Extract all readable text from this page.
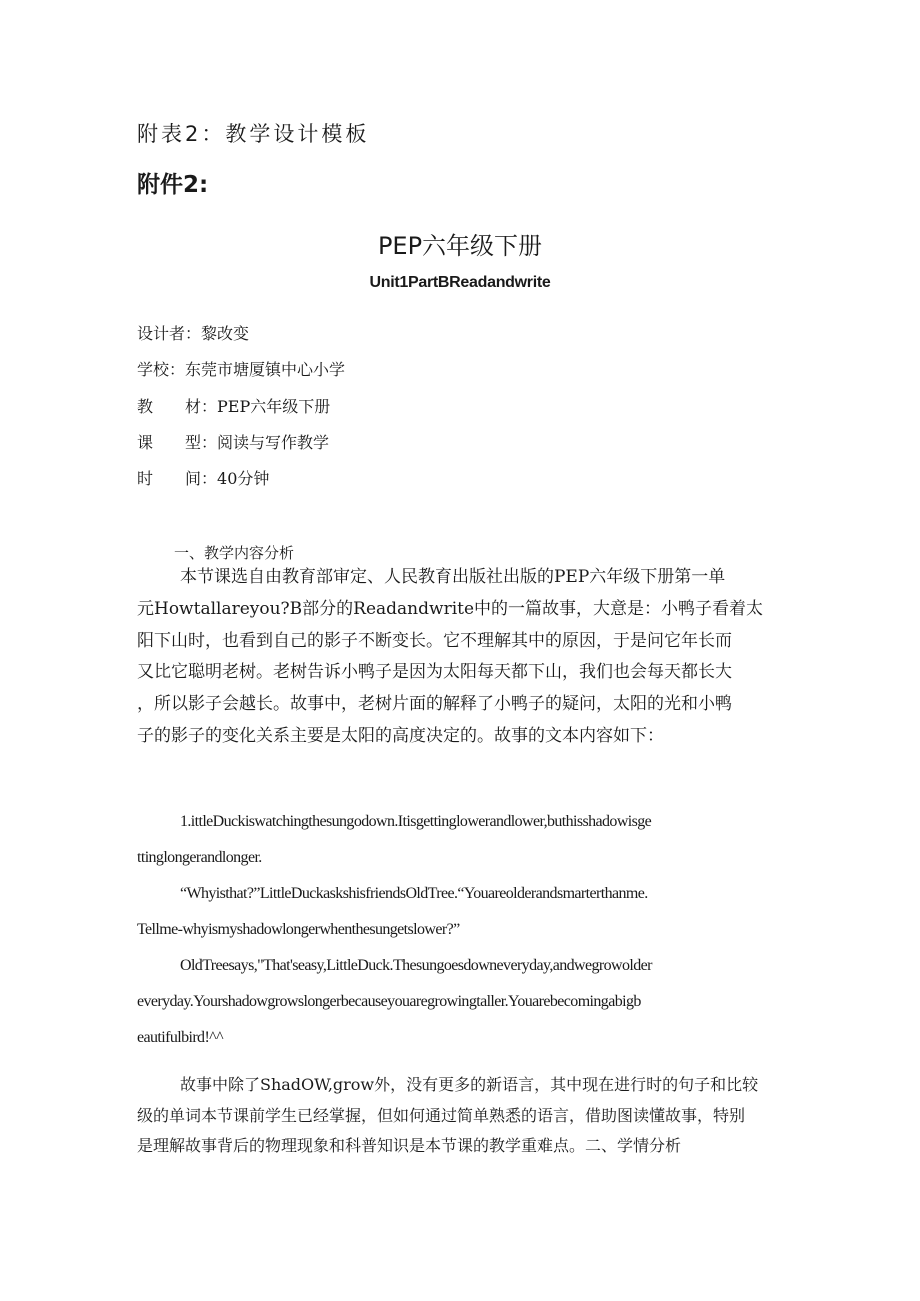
附表2：教学设计模板
附件2:
PEP六年级下册
Unit1PartBReadandwrite
设计者：黎改变
学校：东莞市塘厦镇中心小学
教　　材：PEP六年级下册
课　　型：阅读与写作教学
时　　间：40分钟
一、教学内容分析
本节课选自由教育部审定、人民教育出版社出版的PEP六年级下册第一单
元Howtallareyou?B部分的Readandwrite中的一篇故事，大意是：小鸭子看着太
阳下山时，也看到自己的影子不断变长。它不理解其中的原因，于是问它年长而
又比它聪明老树。老树告诉小鸭子是因为太阳每天都下山，我们也会每天都长大
，所以影子会越长。故事中，老树片面的解释了小鸭子的疑问，太阳的光和小鸭
子的影子的变化关系主要是太阳的高度决定的。故事的文本内容如下：
1.ittleDuckiswatchingthesungodown.Itisgettinglowerandlower,buthisshadowisge
ttinglongerandlonger.
“Whyisthat?”LittleDuckaskshisfriendsOldTree.“Youareolderandsmarterthanme.
Tellme-whyismyshadowlongerwhenthesungetslower?”
OldTreesays,"That'seasy,LittleDuck.Thesungoesdowneveryday,andwegrowolder
everyday.Yourshadowgrowslongerbecauseyouaregrowingtaller.Youarebecomingabigb
eautifulbird!^^
故事中除了ShadOW,grow外，没有更多的新语言，其中现在进行时的句子和比较
级的单词本节课前学生已经掌握，但如何通过简单熟悉的语言，借助图读懂故事，特别
是理解故事背后的物理现象和科普知识是本节课的教学重难点。二、学情分析
